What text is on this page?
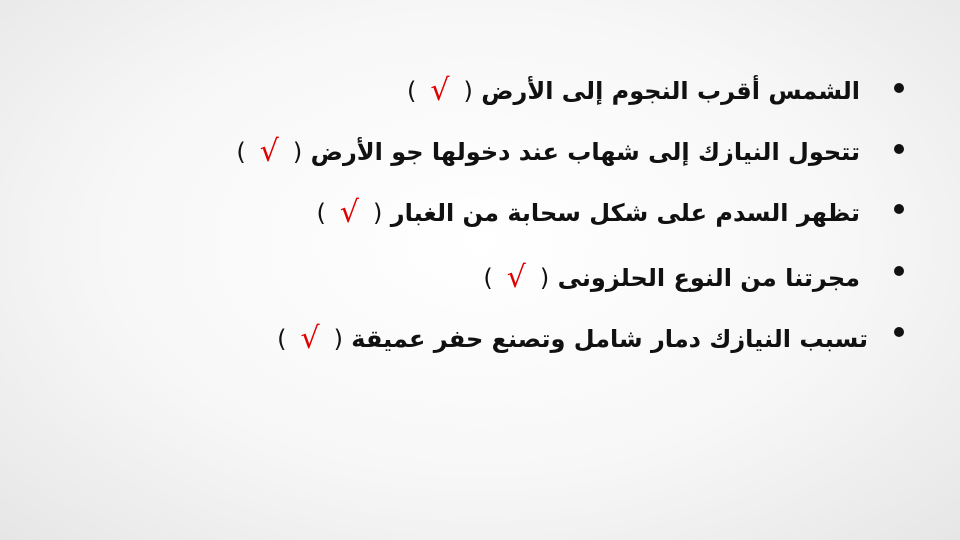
الشمس أقرب النجوم إلى الأرض (√)
تتحول النيازك إلى شهاب عند دخولها جو الأرض (√)
تظهر السدم على شكل سحابة من الغبار (√)
مجرتنا من النوع الحلزونى (√)
تسبب النيازك دمار شامل وتصنع حفر عميقة (√)
